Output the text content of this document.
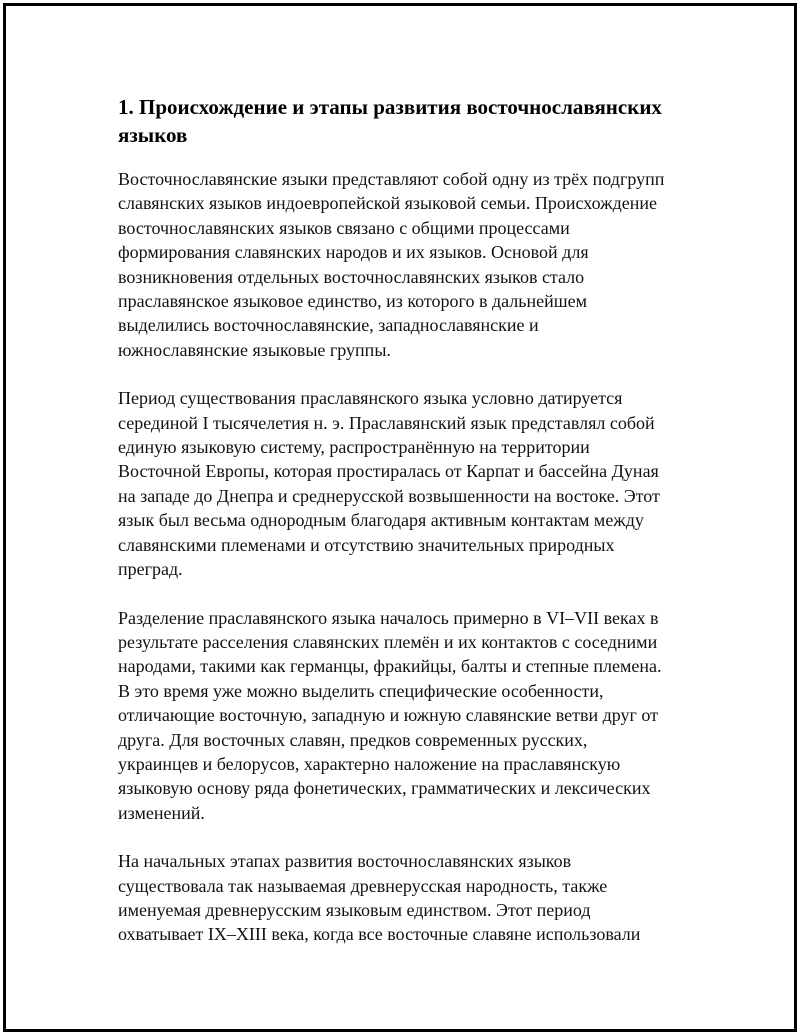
1. Происхождение и этапы развития восточнославянских
языков

Восточнославянские языки представляют собой одну из трёх подгрупп
славянских языков индоевропейской языковой семьи. Происхождение
восточнославянских языков связано с общими процессами
формирования славянских народов и их языков. Основой для
возникновения отдельных восточнославянских языков стало
праславянское языковое единство, из которого в дальнейшем
выделились восточнославянские, западнославянские и
южнославянские языковые группы.

Период существования праславянского языка условно датируется
серединой I тысячелетия н. э. Праславянский язык представлял собой
единую языковую систему, распространённую на территории
Восточной Европы, которая простиралась от Карпат и бассейна Дуная
на западе до Днепра и среднерусской возвышенности на востоке. Этот
язык был весьма однородным благодаря активным контактам между
славянскими племенами и отсутствию значительных природных
преград.

Разделение праславянского языка началось примерно в VI–VII веках в
результате расселения славянских племён и их контактов с соседними
народами, такими как германцы, фракийцы, балты и степные племена.
В это время уже можно выделить специфические особенности,
отличающие восточную, западную и южную славянские ветви друг от
друга. Для восточных славян, предков современных русских,
украинцев и белорусов, характерно наложение на праславянскую
языковую основу ряда фонетических, грамматических и лексических
изменений.

На начальных этапах развития восточнославянских языков
существовала так называемая древнерусская народность, также
именуемая древнерусским языковым единством. Этот период
охватывает IX–XIII века, когда все восточные славяне использовали
